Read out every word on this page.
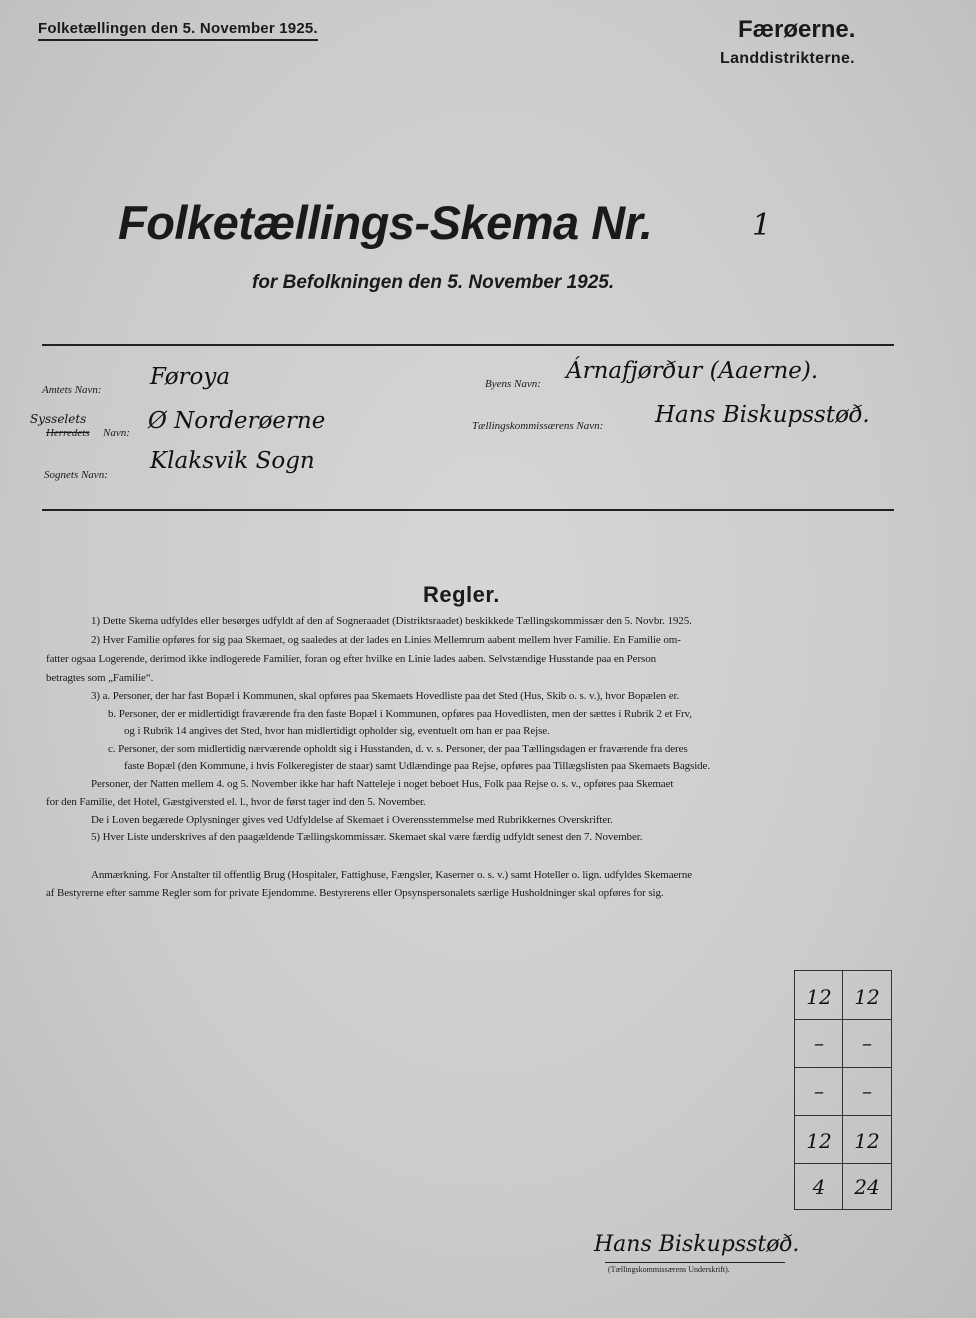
Folketællingen den 5. November 1925.	Færøerne.
Landdistrikterne.
Folketællings-Skema Nr.	1
for Befolkningen den 5. November 1925.
Amtets Navn: Føroya
Sysselets
Herredets Navn: Ø Norderøerne
Sognets Navn:
Klaksvik Sogn
Byens Navn: Árnafjørður (Aaerne).
Tællingskommissærens Navn: Hans Biskupsstøð.
Regler.
1) Dette Skema udfyldes eller besørges udfyldt af den af Sogneraadet (Distriktsraadet) beskikkede Tællingskommissær den 5. Novbr. 1925.
2) Hver Familie opføres for sig paa Skemaet, og saaledes at der lades en Linies Mellemrum aabent mellem hver Familie. En Familie om-
fatter ogsaa Logerende, derimod ikke indlogerede Familier, foran og efter hvilke en Linie lades aaben. Selvstændige Husstande paa en Person
betragtes som „Familie“.
3) a. Personer, der har fast Bopæl i Kommunen, skal opføres paa Skemaets Hovedliste paa det Sted (Hus, Skib o. s. v.), hvor Bopælen er.
b. Personer, der er midlertidigt fraværende fra den faste Bopæl i Kommunen, opføres paa Hovedlisten, men der sættes i Rubrik 2 et Frv,
og i Rubrik 14 angives det Sted, hvor han midlertidigt opholder sig, eventuelt om han er paa Rejse.
c. Personer, der som midlertidig nærværende opholdt sig i Husstanden, d. v. s. Personer, der paa Tællingsdagen er fraværende fra deres
faste Bopæl (den Kommune, i hvis Folkeregister de staar) samt Udlændinge paa Rejse, opføres paa Tillægslisten paa Skemaets Bagside.
Personer, der Natten mellem 4. og 5. November ikke har haft Natteleje i noget beboet Hus, Folk paa Rejse o. s. v., opføres paa Skemaet
for den Familie, det Hotel, Gæstgiversted el. l., hvor de først tager ind den 5. November.
De i Loven begærede Oplysninger gives ved Udfyldelse af Skemaet i Overensstemmelse med Rubrikkernes Overskrifter.
5) Hver Liste underskrives af den paagældende Tællingskommissær. Skemaet skal være færdig udfyldt senest den 7. November.
Anmærkning. For Anstalter til offentlig Brug (Hospitaler, Fattighuse, Fængsler, Kaserner o. s. v.) samt Hoteller o. lign. udfyldes Skemaerne
af Bestyrerne efter samme Regler som for private Ejendomme. Bestyrerens eller Opsynspersonalets særlige Husholdninger skal opføres for sig.
12	12
–	–
–	–
12	12
4	24
Hans Biskupsstøð.
(Tællingskommissærens Underskrift).
